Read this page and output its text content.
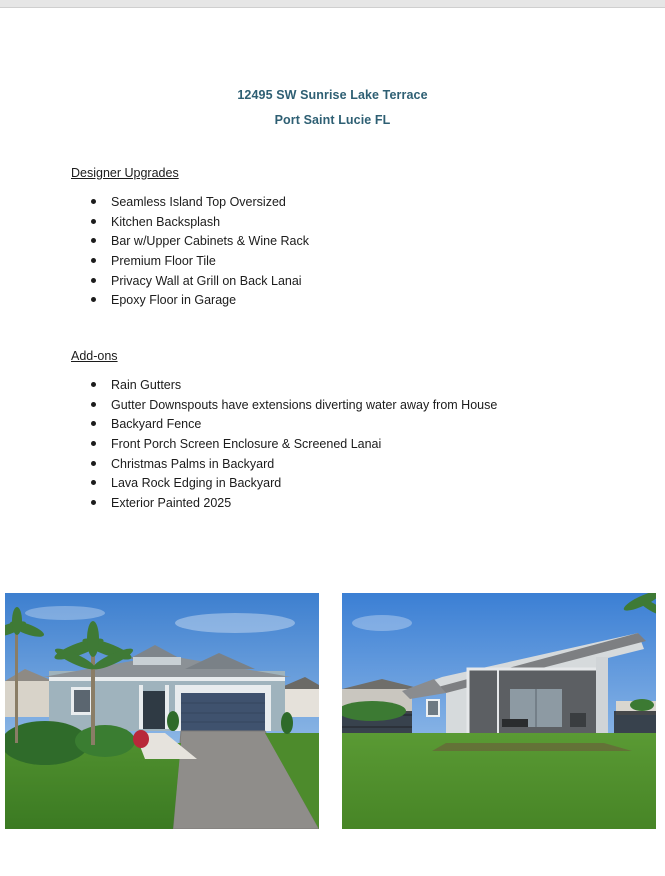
12495 SW Sunrise Lake Terrace
Port Saint Lucie FL
Designer Upgrades
Seamless Island Top Oversized
Kitchen Backsplash
Bar w/Upper Cabinets & Wine Rack
Premium Floor Tile
Privacy Wall at Grill on Back Lanai
Epoxy Floor in Garage
Add-ons
Rain Gutters
Gutter Downspouts have extensions diverting water away from House
Backyard Fence
Front Porch Screen Enclosure & Screened Lanai
Christmas Palms in Backyard
Lava Rock Edging in Backyard
Exterior Painted 2025
